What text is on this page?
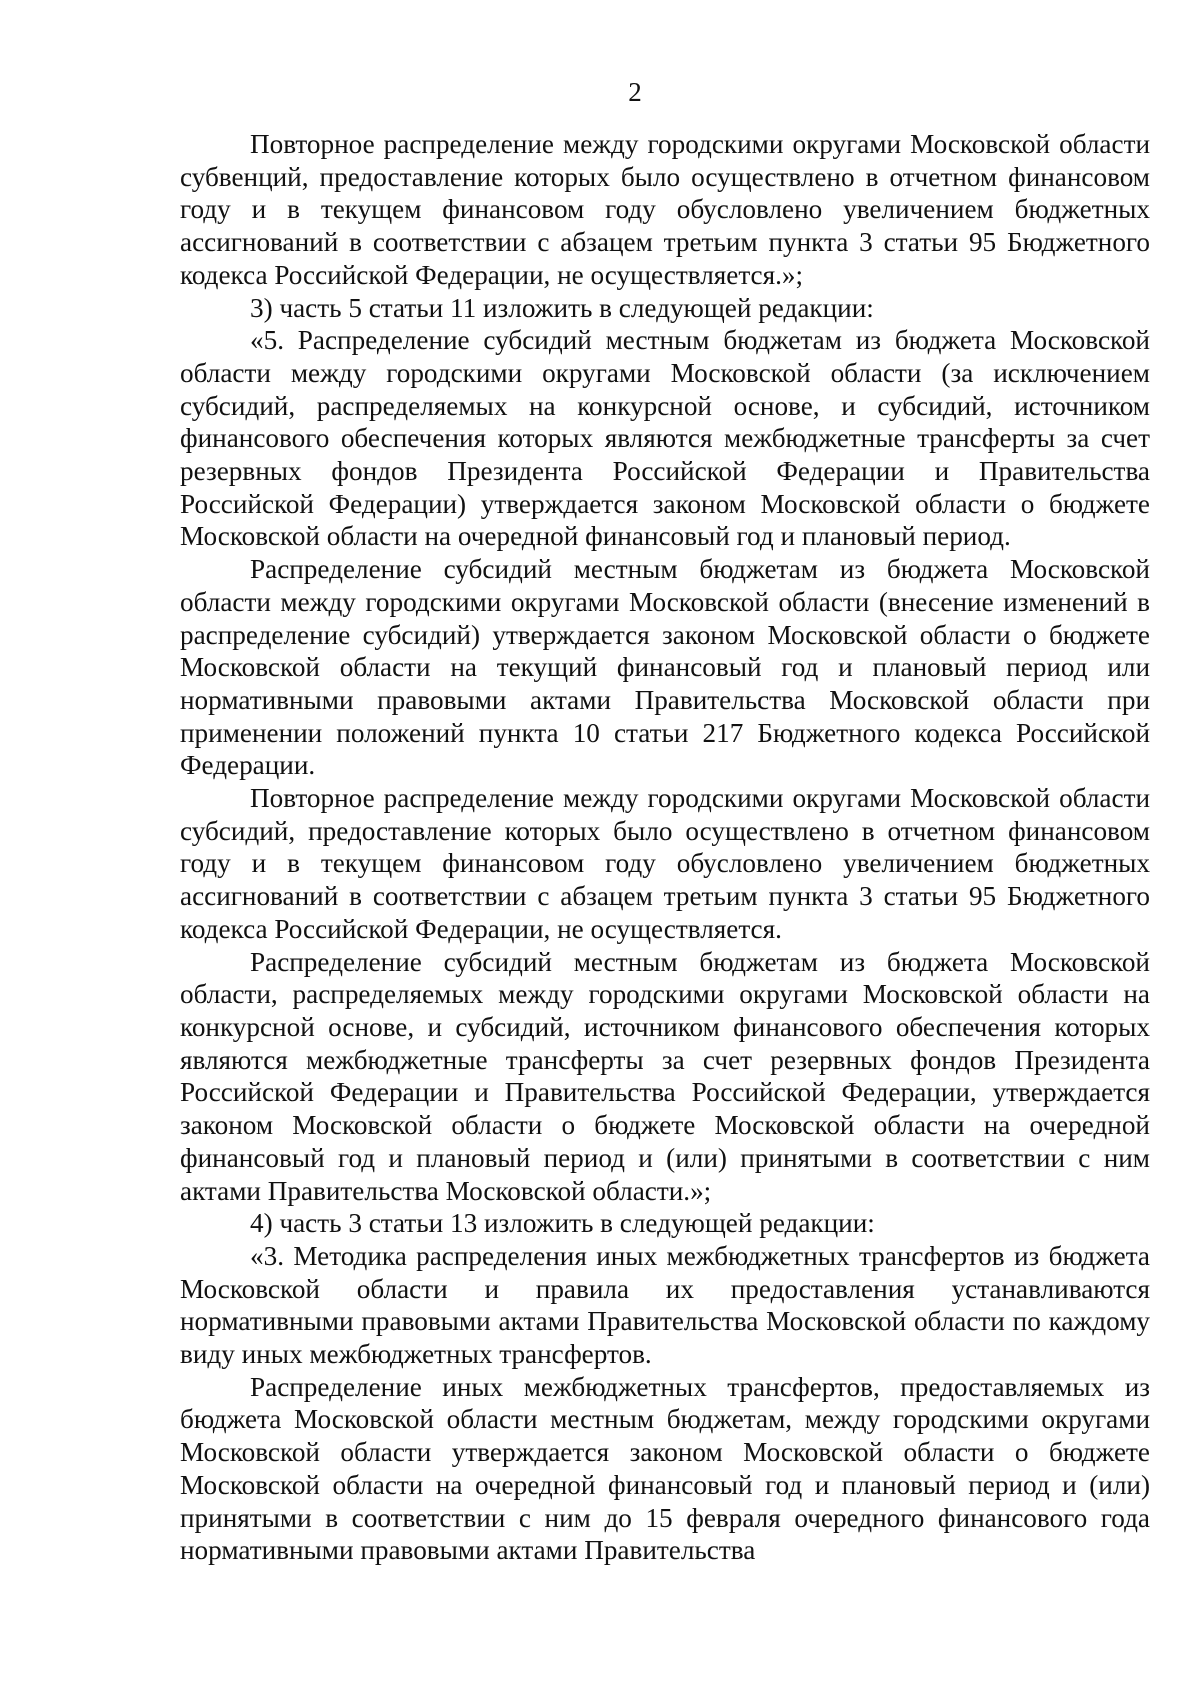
2

Повторное распределение между городскими округами Московской области субвенций, предоставление которых было осуществлено в отчетном финансовом году и в текущем финансовом году обусловлено увеличением бюджетных ассигнований в соответствии с абзацем третьим пункта 3 статьи 95 Бюджетного кодекса Российской Федерации, не осуществляется.»;

3) часть 5 статьи 11 изложить в следующей редакции:

«5. Распределение субсидий местным бюджетам из бюджета Московской области между городскими округами Московской области (за исключением субсидий, распределяемых на конкурсной основе, и субсидий, источником финансового обеспечения которых являются межбюджетные трансферты за счет резервных фондов Президента Российской Федерации и Правительства Российской Федерации) утверждается законом Московской области о бюджете Московской области на очередной финансовый год и плановый период.

Распределение субсидий местным бюджетам из бюджета Московской области между городскими округами Московской области (внесение изменений в распределение субсидий) утверждается законом Московской области о бюджете Московской области на текущий финансовый год и плановый период или нормативными правовыми актами Правительства Московской области при применении положений пункта 10 статьи 217 Бюджетного кодекса Российской Федерации.

Повторное распределение между городскими округами Московской области субсидий, предоставление которых было осуществлено в отчетном финансовом году и в текущем финансовом году обусловлено увеличением бюджетных ассигнований в соответствии с абзацем третьим пункта 3 статьи 95 Бюджетного кодекса Российской Федерации, не осуществляется.

Распределение субсидий местным бюджетам из бюджета Московской области, распределяемых между городскими округами Московской области на конкурсной основе, и субсидий, источником финансового обеспечения которых являются межбюджетные трансферты за счет резервных фондов Президента Российской Федерации и Правительства Российской Федерации, утверждается законом Московской области о бюджете Московской области на очередной финансовый год и плановый период и (или) принятыми в соответствии с ним актами Правительства Московской области.»;

4) часть 3 статьи 13 изложить в следующей редакции:

«3. Методика распределения иных межбюджетных трансфертов из бюджета Московской области и правила их предоставления устанавливаются нормативными правовыми актами Правительства Московской области по каждому виду иных межбюджетных трансфертов.

Распределение иных межбюджетных трансфертов, предоставляемых из бюджета Московской области местным бюджетам, между городскими округами Московской области утверждается законом Московской области о бюджете Московской области на очередной финансовый год и плановый период и (или) принятыми в соответствии с ним до 15 февраля очередного финансового года нормативными правовыми актами Правительства
